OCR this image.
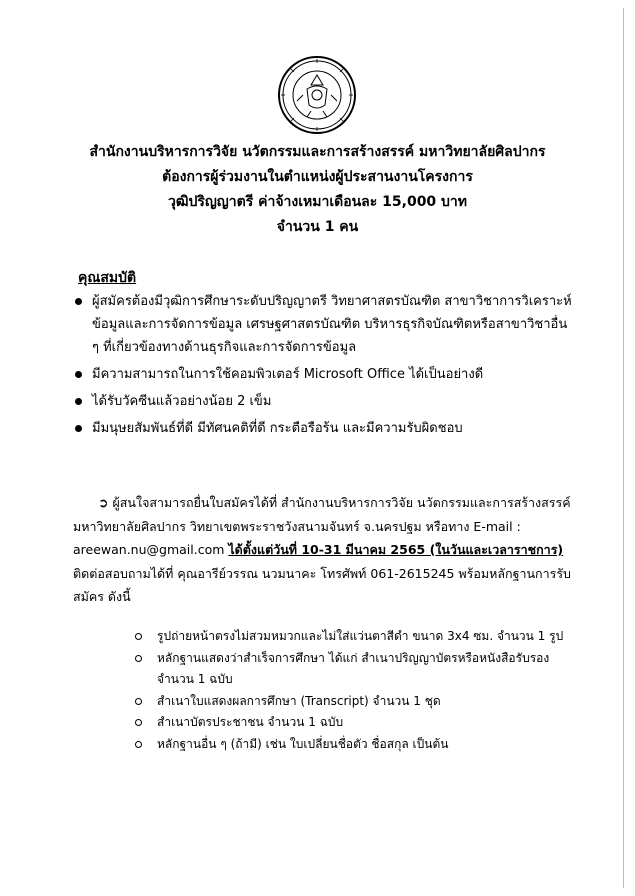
สำนักงานบริหารการวิจัย นวัตกรรมและการสร้างสรรค์ มหาวิทยาลัยศิลปากร
ต้องการผู้ร่วมงานในตำแหน่งผู้ประสานงานโครงการ
วุฒิปริญญาตรี ค่าจ้างเหมาเดือนละ 15,000 บาท
จำนวน 1 คน
คุณสมบัติ
ผู้สมัครต้องมีวุฒิการศึกษาระดับปริญญาตรี วิทยาศาสตรบัณฑิต สาขาวิชาการวิเคราะห์ข้อมูลและการจัดการข้อมูล เศรษฐศาสตรบัณฑิต บริหารธุรกิจบัณฑิตหรือสาขาวิชาอื่น ๆ ที่เกี่ยวข้องทางด้านธุรกิจและการจัดการข้อมูล
มีความสามารถในการใช้คอมพิวเตอร์ Microsoft Office ได้เป็นอย่างดี
ได้รับวัคซีนแล้วอย่างน้อย 2 เข็ม
มีมนุษยสัมพันธ์ที่ดี มีทัศนคติที่ดี กระตือรือร้น และมีความรับผิดชอบ
➲ ผู้สนใจสามารถยื่นใบสมัครได้ที่ สำนักงานบริหารการวิจัย นวัตกรรมและการสร้างสรรค์ มหาวิทยาลัยศิลปากร วิทยาเขตพระราชวังสนามจันทร์ จ.นครปฐม หรือทาง E-mail : areewan.nu@gmail.com ได้ตั้งแต่วันที่ 10-31 มีนาคม 2565 (ในวันและเวลาราชการ) ติดต่อสอบถามได้ที่ คุณอารีย์วรรณ นวมนาคะ โทรศัพท์ 061-2615245 พร้อมหลักฐานการรับสมัคร ดังนี้
รูปถ่ายหน้าตรงไม่สวมหมวกและไม่ใส่แว่นตาสีดำ ขนาด 3x4 ซม. จำนวน 1 รูป
หลักฐานแสดงว่าสำเร็จการศึกษา ได้แก่ สำเนาปริญญาบัตรหรือหนังสือรับรอง จำนวน 1 ฉบับ
สำเนาใบแสดงผลการศึกษา (Transcript) จำนวน 1 ชุด
สำเนาบัตรประชาชน จำนวน 1 ฉบับ
หลักฐานอื่น ๆ (ถ้ามี) เช่น ใบเปลี่ยนชื่อตัว ชื่อสกุล เป็นต้น
